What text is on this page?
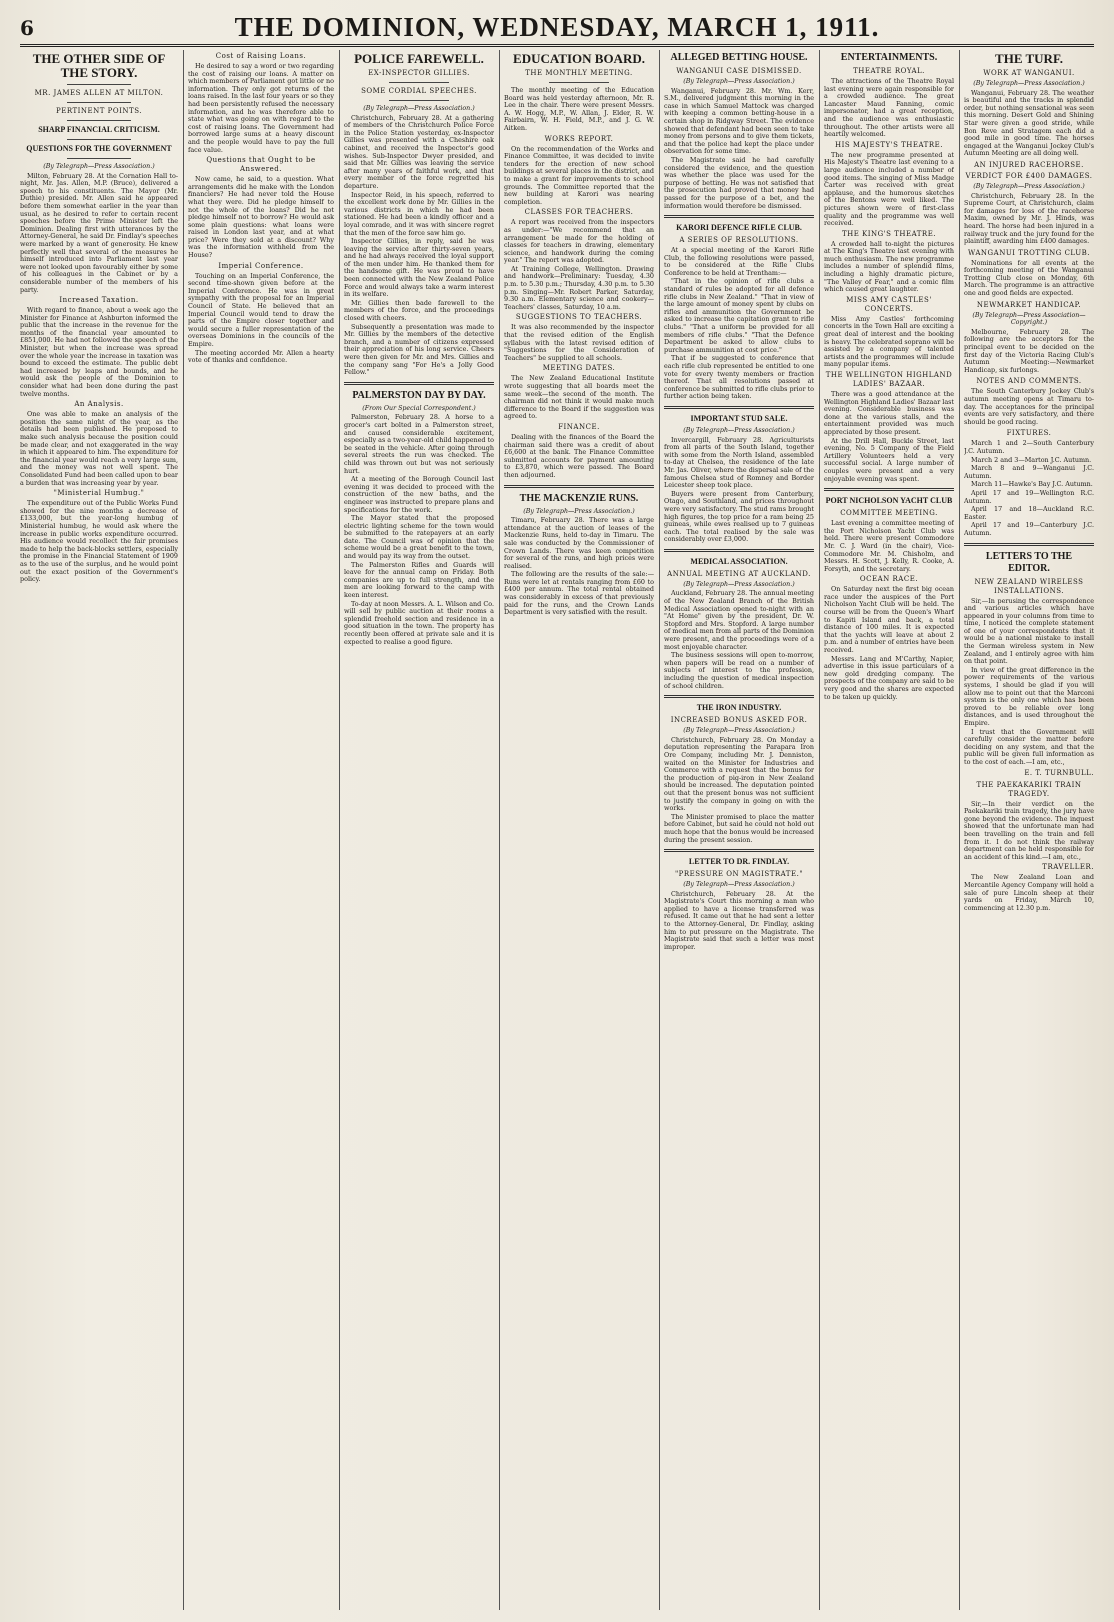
6	THE DOMINION, WEDNESDAY, MARCH 1, 1911.
THE OTHER SIDE OF THE STORY.
MR. JAMES ALLEN AT MILTON.
PERTINENT POINTS.
SHARP FINANCIAL CRITICISM.
QUESTIONS FOR THE GOVERNMENT
(By Telegraph—Press Association.)

Milton, February 28. At the Cornation Hall to-night, Mr. Jas. Allen, M.P. (Bruce), delivered a speech to his constituents. The Mayor (Mr. Duthie) presided. Mr. Allen said he appeared before them somewhat earlier in the year than usual, as he desired to refer to certain recent speeches before the Prime Minister left the Dominion. Dealing first with utterances by the Attorney-General, he said Dr. Findlay's speeches were marked by a want of generosity. He knew perfectly well that several of the measures he himself introduced into Parliament last year were not looked upon favourably either by some of his colleagues in the Cabinet or by a considerable number of the members of his party.

Increased Taxation.

With regard to finance, about a week ago the Minister for Finance at Ashburton informed the public that the increase in the revenue for the months of the financial year amounted to £851,000. He had not followed the speech of the Minister, but when the increase was spread over the whole year the increase in taxation was bound to exceed the estimate. The public debt had increased by leaps and bounds, and he would ask the people of the Dominion to consider what had been done during the past twelve months.

An Analysis.

One was able to make an analysis of the position the same night of the year, as the details had been published. He proposed to make such analysis because the position could be made clear, and not exaggerated in the way in which it appeared to him. The expenditure for the financial year would reach a very large sum, and the money was not well spent. The Consolidated Fund had been called upon to bear a burden that was increasing year by year.

"Ministerial Humbug."

The expenditure out of the Public Works Fund showed for the nine months a decrease of £133,000, but the year-long humbug of Ministerial humbug, he would ask where the increase in public works expenditure occurred. His audience would recollect the fair promises made to help the back-blocks settlers, especially the promise in the Financial Statement of 1909 as to the use of the surplus, and he would point out the exact position of the Government's policy.

Cost of Raising Loans.

He desired to say a word or two regarding the cost of raising our loans. A matter on which members of Parliament got little or no information. They only got returns of the loans raised. In the last four years or so they had been persistently refused the necessary information, and he was therefore able to state what was going on with regard to the cost of raising loans. The Government had borrowed large sums at a heavy discount and the people would have to pay the full face value.

Questions that Ought to be Answered.

Now came, he said, to a question. What arrangements did he make with the London financiers? He had never told the House what they were. Did he pledge himself to not the whole of the loans? Did he not pledge himself not to borrow? He would ask some plain questions: what loans were raised in London last year, and at what price? Were they sold at a discount? Why was the information withheld from the House?

Imperial Conference.

Touching on an Imperial Conference, the second time-shown given before at the Imperial Conference. He was in great sympathy with the proposal for an Imperial Council of State. He believed that an Imperial Council would tend to draw the parts of the Empire closer together and would secure a fuller representation of the overseas Dominions in the councils of the Empire.

The meeting accorded Mr. Allen a hearty vote of thanks and confidence.

POLICE FAREWELL.
EX-INSPECTOR GILLIES.
SOME CORDIAL SPEECHES.
(By Telegraph—Press Association.)

Christchurch, February 28. At a gathering of members of the Christchurch Police Force in the Police Station yesterday, ex-Inspector Gillies was presented with a Cheshire oak cabinet, and received the Inspector's good wishes. Sub-Inspector Dwyer presided, and said that Mr. Gillies was leaving the service after many years of faithful work, and that every member of the force regretted his departure.

Inspector Reid, in his speech, referred to the excellent work done by Mr. Gillies in the various districts in which he had been stationed. He had been a kindly officer and a loyal comrade, and it was with sincere regret that the men of the force saw him go.

Inspector Gillies, in reply, said he was leaving the service after thirty-seven years, and he had always received the loyal support of the men under him. He thanked them for the handsome gift. He was proud to have been connected with the New Zealand Police Force and would always take a warm interest in its welfare.

Mr. Gillies then bade farewell to the members of the force, and the proceedings closed with cheers.

Subsequently a presentation was made to Mr. Gillies by the members of the detective branch, and a number of citizens expressed their appreciation of his long service. Cheers were then given for Mr. and Mrs. Gillies and the company sang "For He's a Jolly Good Fellow."

PALMERSTON DAY BY DAY.
(From Our Special Correspondent.)

Palmerston, February 28. A horse to a grocer's cart bolted in a Palmerston street, and caused considerable excitement, especially as a two-year-old child happened to be seated in the vehicle. After going through several streets the run was checked. The child was thrown out but was not seriously hurt.

At a meeting of the Borough Council last evening it was decided to proceed with the construction of the new baths, and the engineer was instructed to prepare plans and specifications for the work.

The Mayor stated that the proposed electric lighting scheme for the town would be submitted to the ratepayers at an early date. The Council was of opinion that the scheme would be a great benefit to the town, and would pay its way from the outset.

The Palmerston Rifles and Guards will leave for the annual camp on Friday. Both companies are up to full strength, and the men are looking forward to the camp with keen interest.

To-day at noon Messrs. A. L. Wilson and Co. will sell by public auction at their rooms a splendid freehold section and residence in a good situation in the town. The property has recently been offered at private sale and it is expected to realise a good figure.

EDUCATION BOARD.
THE MONTHLY MEETING.

The monthly meeting of the Education Board was held yesterday afternoon, Mr. R. Lee in the chair. There were present Messrs. A. W. Hogg, M.P., W. Allan, J. Elder, R. W. Fairbairn, W. H. Field, M.P., and J. G. W. Aitken.

WORKS REPORT.

On the recommendation of the Works and Finance Committee, it was decided to invite tenders for the erection of new school buildings at several places in the district, and to make a grant for improvements to school grounds. The Committee reported that the new building at Karori was nearing completion.

CLASSES FOR TEACHERS.

A report was received from the inspectors as under:—"We recommend that an arrangement be made for the holding of classes for teachers in drawing, elementary science, and handwork during the coming year." The report was adopted.

At Training College, Wellington. Drawing and handwork—Preliminary: Tuesday, 4.30 p.m. to 5.30 p.m.; Thursday, 4.30 p.m. to 5.30 p.m. Singing—Mr. Robert Parker, Saturday, 9.30 a.m. Elementary science and cookery—Teachers' classes, Saturday, 10 a.m.

SUGGESTIONS TO TEACHERS.

It was also recommended by the inspector that the revised edition of the English syllabus with the latest revised edition of "Suggestions for the Consideration of Teachers" be supplied to all schools.

MEETING DATES.

The New Zealand Educational Institute wrote suggesting that all boards meet the same week—the second of the month. The chairman did not think it would make much difference to the Board if the suggestion was agreed to.

FINANCE.

Dealing with the finances of the Board the chairman said there was a credit of about £6,600 at the bank. The Finance Committee submitted accounts for payment amounting to £3,870, which were passed. The Board then adjourned.

THE MACKENZIE RUNS.
(By Telegraph—Press Association.)

Timaru, February 28. There was a large attendance at the auction of leases of the Mackenzie Runs, held to-day in Timaru. The sale was conducted by the Commissioner of Crown Lands. There was keen competition for several of the runs, and high prices were realised.

The following are the results of the sale:—Runs were let at rentals ranging from £60 to £400 per annum. The total rental obtained was considerably in excess of that previously paid for the runs, and the Crown Lands Department is very satisfied with the result.

ALLEGED BETTING HOUSE.
WANGANUI CASE DISMISSED.
(By Telegraph—Press Association.)

Wanganui, February 28. Mr. Wm. Kerr, S.M., delivered judgment this morning in the case in which Samuel Mattock was charged with keeping a common betting-house in a certain shop in Ridgway Street. The evidence showed that defendant had been seen to take money from persons and to give them tickets, and that the police had kept the place under observation for some time.

The Magistrate said he had carefully considered the evidence, and the question was whether the place was used for the purpose of betting. He was not satisfied that the prosecution had proved that money had passed for the purpose of a bet, and the information would therefore be dismissed.

KARORI DEFENCE RIFLE CLUB.
A SERIES OF RESOLUTIONS.

At a special meeting of the Karori Rifle Club, the following resolutions were passed, to be considered at the Rifle Clubs Conference to be held at Trentham:—

"That in the opinion of rifle clubs a standard of rules be adopted for all defence rifle clubs in New Zealand." "That in view of the large amount of money spent by clubs on rifles and ammunition the Government be asked to increase the capitation grant to rifle clubs." "That a uniform be provided for all members of rifle clubs." "That the Defence Department be asked to allow clubs to purchase ammunition at cost price."

That if be suggested to conference that each rifle club represented be entitled to one vote for every twenty members or fraction thereof. That all resolutions passed at conference be submitted to rifle clubs prior to further action being taken.

IMPORTANT STUD SALE.
(By Telegraph—Press Association.)

Invercargill, February 28. Agriculturists from all parts of the South Island, together with some from the North Island, assembled to-day at Chelsea, the residence of the late Mr. Jas. Oliver, where the dispersal sale of the famous Chelsea stud of Romney and Border Leicester sheep took place.

Buyers were present from Canterbury, Otago, and Southland, and prices throughout were very satisfactory. The stud rams brought high figures, the top price for a ram being 25 guineas, while ewes realised up to 7 guineas each. The total realised by the sale was considerably over £3,000.

MEDICAL ASSOCIATION.
ANNUAL MEETING AT AUCKLAND.
(By Telegraph—Press Association.)

Auckland, February 28. The annual meeting of the New Zealand Branch of the British Medical Association opened to-night with an "At Home" given by the president, Dr. W. Stopford and Mrs. Stopford. A large number of medical men from all parts of the Dominion were present, and the proceedings were of a most enjoyable character.

The business sessions will open to-morrow, when papers will be read on a number of subjects of interest to the profession, including the question of medical inspection of school children.

THE IRON INDUSTRY.
INCREASED BONUS ASKED FOR.
(By Telegraph—Press Association.)

Christchurch, February 28. On Monday a deputation representing the Parapara Iron Ore Company, including Mr. J. Denniston, waited on the Minister for Industries and Commerce with a request that the bonus for the production of pig-iron in New Zealand should be increased. The deputation pointed out that the present bonus was not sufficient to justify the company in going on with the works.

The Minister promised to place the matter before Cabinet, but said he could not hold out much hope that the bonus would be increased during the present session.

LETTER TO DR. FINDLAY.
"PRESSURE ON MAGISTRATE."
(By Telegraph—Press Association.)

Christchurch, February 28. At the Magistrate's Court this morning a man who applied to have a license transferred was refused. It came out that he had sent a letter to the Attorney-General, Dr. Findlay, asking him to put pressure on the Magistrate. The Magistrate said that such a letter was most improper.

ENTERTAINMENTS.
THEATRE ROYAL.

The attractions of the Theatre Royal last evening were again responsible for a crowded audience. The great Lancaster Maud Fanning, comic impersonator, had a great reception, and the audience was enthusiastic throughout. The other artists were all heartily welcomed.

HIS MAJESTY'S THEATRE.

The new programme presented at His Majesty's Theatre last evening to a large audience included a number of good items. The singing of Miss Madge Carter was received with great applause, and the humorous sketches of the Bentons were well liked. The pictures shown were of first-class quality and the programme was well received.

THE KING'S THEATRE.

A crowded hall to-night the pictures at The King's Theatre last evening with much enthusiasm. The new programme includes a number of splendid films, including a highly dramatic picture, "The Valley of Fear," and a comic film which caused great laughter.

MISS AMY CASTLES' CONCERTS.

Miss Amy Castles' forthcoming concerts in the Town Hall are exciting a great deal of interest and the booking is heavy. The celebrated soprano will be assisted by a company of talented artists and the programmes will include many popular items.

THE WELLINGTON HIGHLAND LADIES' BAZAAR.

There was a good attendance at the Wellington Highland Ladies' Bazaar last evening. Considerable business was done at the various stalls, and the entertainment provided was much appreciated by those present.

At the Drill Hall, Buckle Street, last evening, No. 5 Company of the Field Artillery Volunteers held a very successful social. A large number of couples were present and a very enjoyable evening was spent.

PORT NICHOLSON YACHT CLUB
COMMITTEE MEETING.

Last evening a committee meeting of the Port Nicholson Yacht Club was held. There were present Commodore Mr. C. J. Ward (in the chair), Vice-Commodore Mr. M. Chisholm, and Messrs. H. Scott, J. Kelly, R. Cooke, A. Forsyth, and the secretary.

OCEAN RACE.

On Saturday next the first big ocean race under the auspices of the Port Nicholson Yacht Club will be held. The course will be from the Queen's Wharf to Kapiti Island and back, a total distance of 100 miles. It is expected that the yachts will leave at about 2 p.m. and a number of entries have been received.

Messrs. Lang and M'Carthy, Napier, advertise in this issue particulars of a new gold dredging company. The prospects of the company are said to be very good and the shares are expected to be taken up quickly.

THE TURF.
WORK AT WANGANUI.
(By Telegraph—Press Association.)

Wanganui, February 28. The weather is beautiful and the tracks in splendid order, but nothing sensational was seen this morning. Desert Gold and Shining Star were given a good stride, while Bon Reve and Stratagem each did a good mile in good time. The horses engaged at the Wanganui Jockey Club's Autumn Meeting are all doing well.

AN INJURED RACEHORSE.
VERDICT FOR £400 DAMAGES.
(By Telegraph—Press Association.)

Christchurch, February 28. In the Supreme Court, at Christchurch, claim for damages for loss of the racehorse Maxim, owned by Mr. J. Hinds, was heard. The horse had been injured in a railway truck and the jury found for the plaintiff, awarding him £400 damages.

WANGANUI TROTTING CLUB.

Nominations for all events at the forthcoming meeting of the Wanganui Trotting Club close on Monday, 6th March. The programme is an attractive one and good fields are expected.

NEWMARKET HANDICAP.
(By Telegraph—Press Association—Copyright.)

Melbourne, February 28. The following are the acceptors for the principal event to be decided on the first day of the Victoria Racing Club's Autumn Meeting:—Newmarket Handicap, six furlongs.

NOTES AND COMMENTS.

The South Canterbury Jockey Club's autumn meeting opens at Timaru to-day. The acceptances for the principal events are very satisfactory, and there should be good racing.

FIXTURES.

March 1 and 2—South Canterbury J.C. Autumn.

March 2 and 3—Marton J.C. Autumn.

March 8 and 9—Wanganui J.C. Autumn.

March 11—Hawke's Bay J.C. Autumn.

April 17 and 19—Wellington R.C. Autumn.

April 17 and 18—Auckland R.C. Easter.

April 17 and 19—Canterbury J.C. Autumn.

LETTERS TO THE EDITOR.
NEW ZEALAND WIRELESS INSTALLATIONS.

Sir,—In perusing the correspondence and various articles which have appeared in your columns from time to time, I noticed the complete statement of one of your correspondents that it would be a national mistake to install the German wireless system in New Zealand, and I entirely agree with him on that point.

In view of the great difference in the power requirements of the various systems, I should be glad if you will allow me to point out that the Marconi system is the only one which has been proved to be reliable over long distances, and is used throughout the Empire.

I trust that the Government will carefully consider the matter before deciding on any system, and that the public will be given full information as to the cost of each.—I am, etc.,

E. T. TURNBULL.
THE PAEKAKARIKI TRAIN TRAGEDY.

Sir,—In their verdict on the Paekakariki train tragedy, the jury have gone beyond the evidence. The inquest showed that the unfortunate man had been travelling on the train and fell from it. I do not think the railway department can be held responsible for an accident of this kind.—I am, etc.,

TRAVELLER.

The New Zealand Loan and Mercantile Agency Company will hold a sale of pure Lincoln sheep at their yards on Friday, March 10, commencing at 12.30 p.m.
